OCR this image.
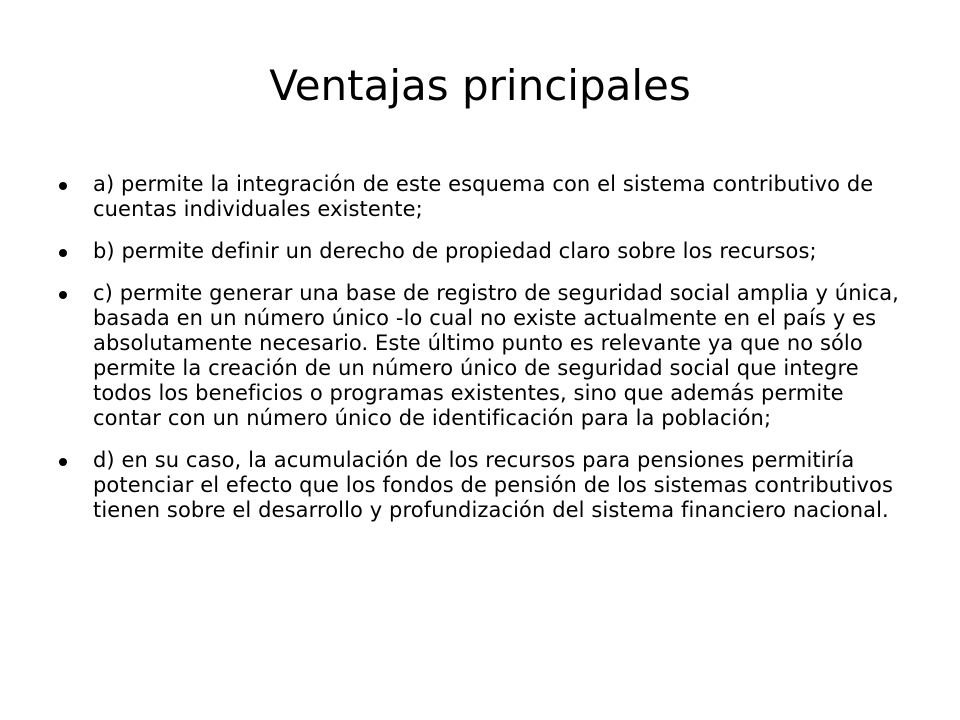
Ventajas principales
a) permite la integración de este esquema con el sistema contributivo de cuentas individuales existente;
b) permite definir un derecho de propiedad claro sobre los recursos;
c) permite generar una base de registro de seguridad social amplia y única, basada en un número único -lo cual no existe actualmente en el país y es absolutamente necesario. Este último punto es relevante ya que no sólo permite la creación de un número único de seguridad social que integre todos los beneficios o programas existentes, sino que además permite contar con un número único de identificación para la población;
d) en su caso, la acumulación de los recursos para pensiones permitiría potenciar el efecto que los fondos de pensión de los sistemas contributivos tienen sobre el desarrollo y profundización del sistema financiero nacional.
